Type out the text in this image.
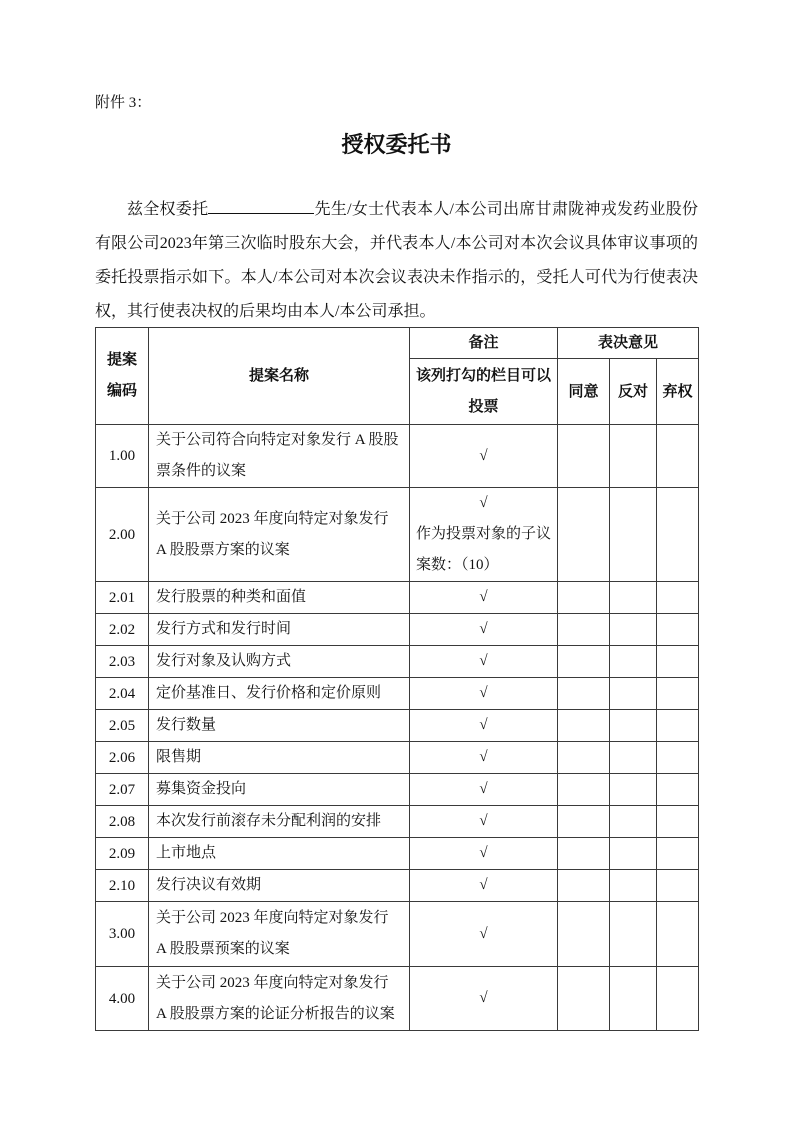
附件 3：
授权委托书
兹全权委托	先生/女士代表本人/本公司出席甘肃陇神戎发药业股份有限公司2023年第三次临时股东大会，并代表本人/本公司对本次会议具体审议事项的委托投票指示如下。本人/本公司对本次会议表决未作指示的，受托人可代为行使表决权，其行使表决权的后果均由本人/本公司承担。
提案编码	提案名称	备注	表决意见		

		该列打勾的栏目可以投票	同意	反对	弃权
1.00	关于公司符合向特定对象发行 A 股股票条件的议案	√			
2.00	关于公司 2023 年度向特定对象发行 A 股股票方案的议案	√
作为投票对象的子议案数：（10）			

2.01	发行股票的种类和面值	√			
2.02	发行方式和发行时间	√			
2.03	发行对象及认购方式	√			
2.04	定价基准日、发行价格和定价原则	√			
2.05	发行数量	√			
2.06	限售期	√			
2.07	募集资金投向	√			
2.08	本次发行前滚存未分配利润的安排	√			
2.09	上市地点	√			
2.10	发行决议有效期	√			
3.00	关于公司 2023 年度向特定对象发行 A 股股票预案的议案	√			
4.00	关于公司 2023 年度向特定对象发行 A 股股票方案的论证分析报告的议案	√			
